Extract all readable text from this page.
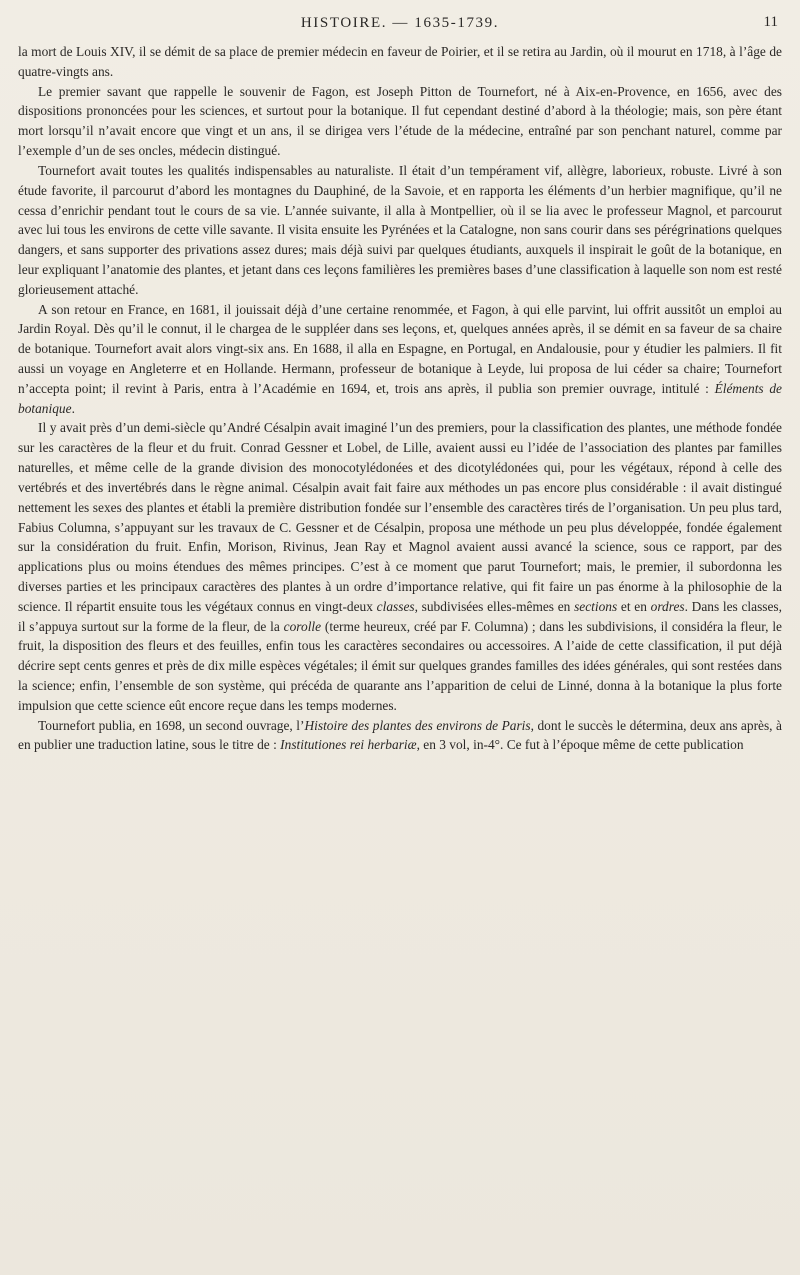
HISTOIRE. — 1635-1739.	11

la mort de Louis XIV, il se démit de sa place de premier médecin en faveur de Poirier, et il se retira au Jardin, où il mourut en 1718, à l’âge de quatre-vingts ans.

Le premier savant que rappelle le souvenir de Fagon, est Joseph Pitton de Tournefort, né à Aix-en-Provence, en 1656, avec des dispositions prononcées pour les sciences, et surtout pour la botanique. Il fut cependant destiné d’abord à la théologie; mais, son père étant mort lorsqu’il n’avait encore que vingt et un ans, il se dirigea vers l’étude de la médecine, entraîné par son penchant naturel, comme par l’exemple d’un de ses oncles, médecin distingué.

Tournefort avait toutes les qualités indispensables au naturaliste. Il était d’un tempérament vif, allègre, laborieux, robuste. Livré à son étude favorite, il parcourut d’abord les montagnes du Dauphiné, de la Savoie, et en rapporta les éléments d’un herbier magnifique, qu’il ne cessa d’enrichir pendant tout le cours de sa vie. L’année suivante, il alla à Montpellier, où il se lia avec le professeur Magnol, et parcourut avec lui tous les environs de cette ville savante. Il visita ensuite les Pyrénées et la Catalogne, non sans courir dans ses pérégrinations quelques dangers, et sans supporter des privations assez dures; mais déjà suivi par quelques étudiants, auxquels il inspirait le goût de la botanique, en leur expliquant l’anatomie des plantes, et jetant dans ces leçons familières les premières bases d’une classification à laquelle son nom est resté glorieusement attaché.

A son retour en France, en 1681, il jouissait déjà d’une certaine renommée, et Fagon, à qui elle parvint, lui offrit aussitôt un emploi au Jardin Royal. Dès qu’il le connut, il le chargea de le suppléer dans ses leçons, et, quelques années après, il se démit en sa faveur de sa chaire de botanique. Tournefort avait alors vingt-six ans. En 1688, il alla en Espagne, en Portugal, en Andalousie, pour y étudier les palmiers. Il fit aussi un voyage en Angleterre et en Hollande. Hermann, professeur de botanique à Leyde, lui proposa de lui céder sa chaire; Tournefort n’accepta point; il revint à Paris, entra à l’Académie en 1694, et, trois ans après, il publia son premier ouvrage, intitulé : Éléments de botanique.

Il y avait près d’un demi-siècle qu’André Césalpin avait imaginé l’un des premiers, pour la classification des plantes, une méthode fondée sur les caractères de la fleur et du fruit. Conrad Gessner et Lobel, de Lille, avaient aussi eu l’idée de l’association des plantes par familles naturelles, et même celle de la grande division des monocotylédonées et des dicotylédonées qui, pour les végétaux, répond à celle des vertébrés et des invertébrés dans le règne animal. Césalpin avait fait faire aux méthodes un pas encore plus considérable : il avait distingué nettement les sexes des plantes et établi la première distribution fondée sur l’ensemble des caractères tirés de l’organisation. Un peu plus tard, Fabius Columna, s’appuyant sur les travaux de C. Gessner et de Césalpin, proposa une méthode un peu plus développée, fondée également sur la considération du fruit. Enfin, Morison, Rivinus, Jean Ray et Magnol avaient aussi avancé la science, sous ce rapport, par des applications plus ou moins étendues des mêmes principes. C’est à ce moment que parut Tournefort; mais, le premier, il subordonna les diverses parties et les principaux caractères des plantes à un ordre d’importance relative, qui fit faire un pas énorme à la philosophie de la science. Il répartit ensuite tous les végétaux connus en vingt-deux classes, subdivisées elles-mêmes en sections et en ordres. Dans les classes, il s’appuya surtout sur la forme de la fleur, de la corolle (terme heureux, créé par F. Columna) ; dans les subdivisions, il considéra la fleur, le fruit, la disposition des fleurs et des feuilles, enfin tous les caractères secondaires ou accessoires. A l’aide de cette classification, il put déjà décrire sept cents genres et près de dix mille espèces végétales; il émit sur quelques grandes familles des idées générales, qui sont restées dans la science; enfin, l’ensemble de son système, qui précéda de quarante ans l’apparition de celui de Linné, donna à la botanique la plus forte impulsion que cette science eût encore reçue dans les temps modernes.

Tournefort publia, en 1698, un second ouvrage, l’Histoire des plantes des environs de Paris, dont le succès le détermina, deux ans après, à en publier une traduction latine, sous le titre de : Institutiones rei herbariæ, en 3 vol, in-4°. Ce fut à l’époque même de cette publication
